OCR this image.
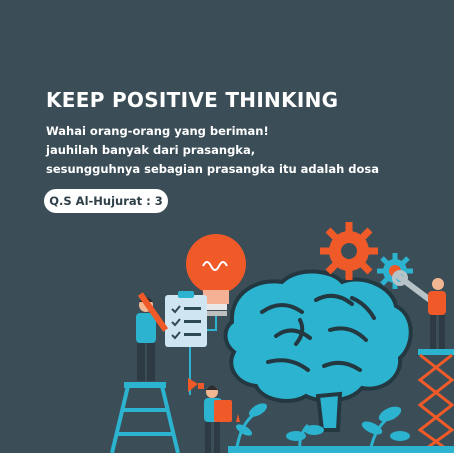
KEEP POSITIVE THINKING
Wahai orang-orang yang beriman!
jauhilah banyak dari prasangka,
sesungguhnya sebagian prasangka itu adalah dosa
Q.S Al-Hujurat : 3
